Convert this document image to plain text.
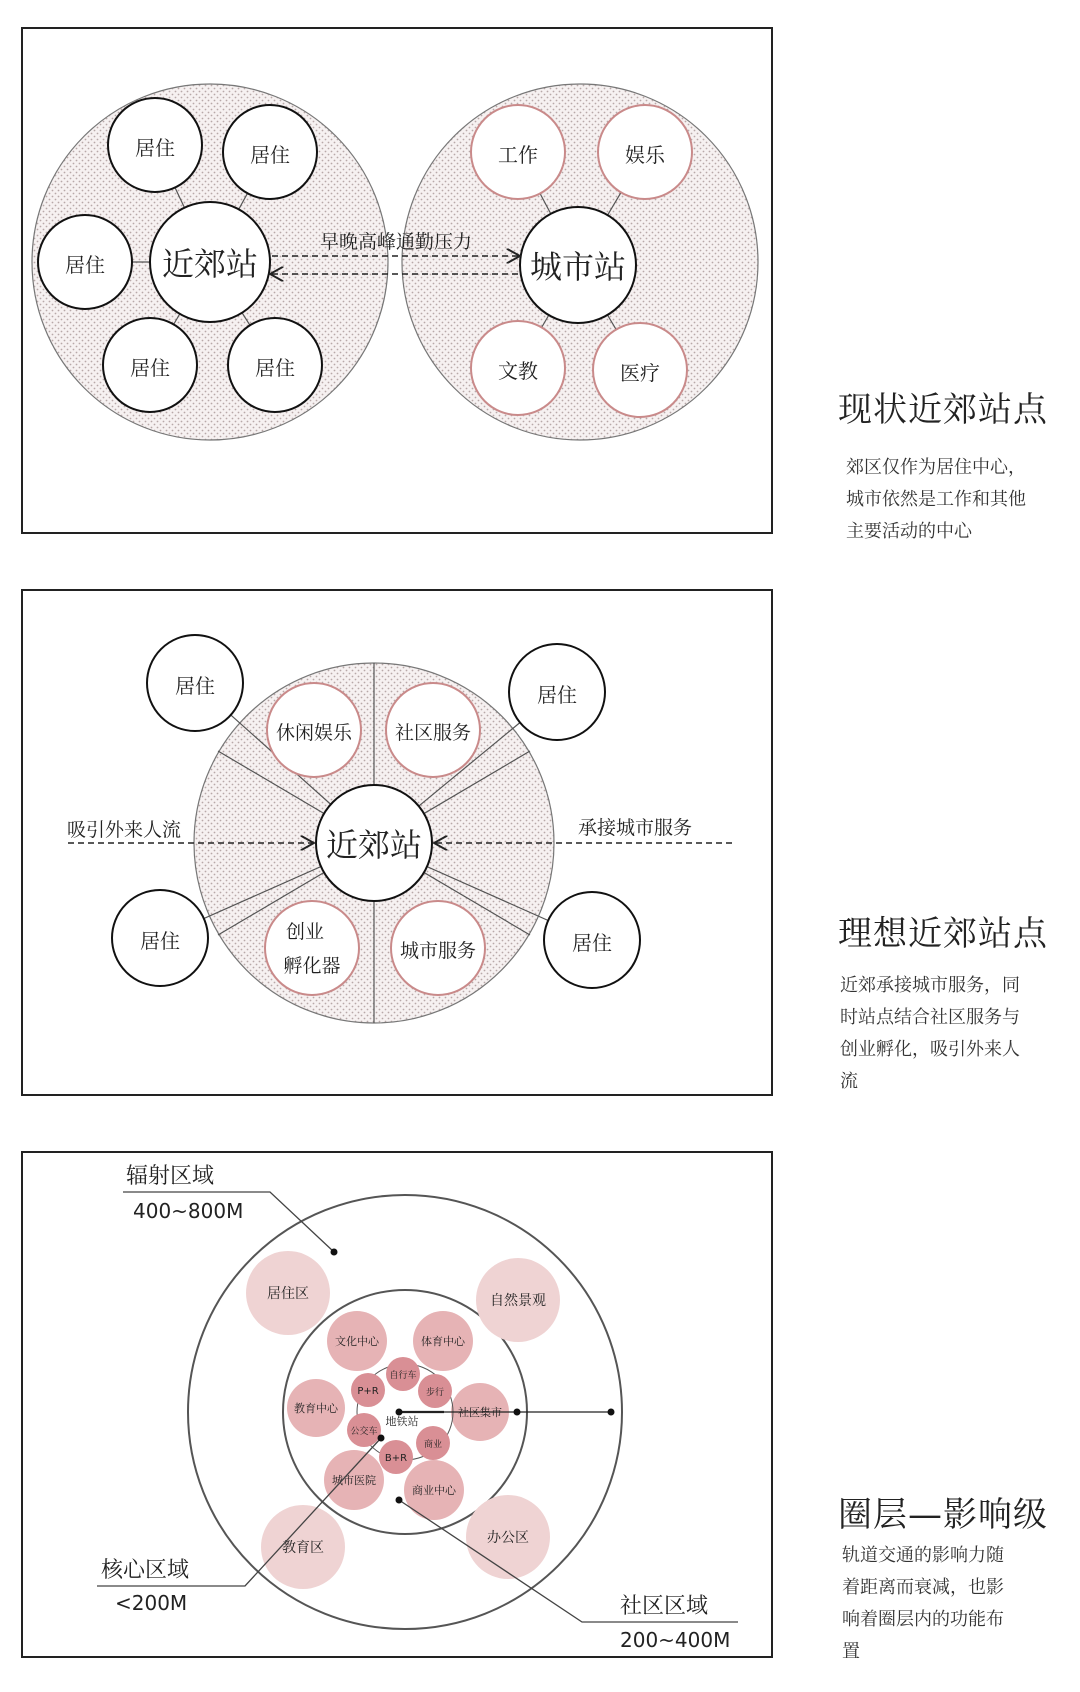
居住	居住
居住
居住	居住
近郊站	城市站
工作	娱乐
文教	医疗
早晚高峰通勤压力
居住	居住
居住	居住
休闲娱乐 社区服务
创业
孵化器
城市服务
近郊站
吸引外来人流	承接城市服务
居住区	自然景观
教育区
办公区
文化中心	体育中心
教育中心	社区集市
城市医院
商业中心
P+R
自行车
步行
公交车
商业
B+R
地铁站
辐射区域
400~800M
核心区域
<200M	社区区域
200~400M
现状近郊站点
郊区仅作为居住中心，
城市依然是工作和其他
主要活动的中心
理想近郊站点
近郊承接城市服务，同
时站点结合社区服务与
创业孵化，吸引外来人
流
圈层—影响级
轨道交通的影响力随
着距离而衰减，也影
响着圈层内的功能布
置
